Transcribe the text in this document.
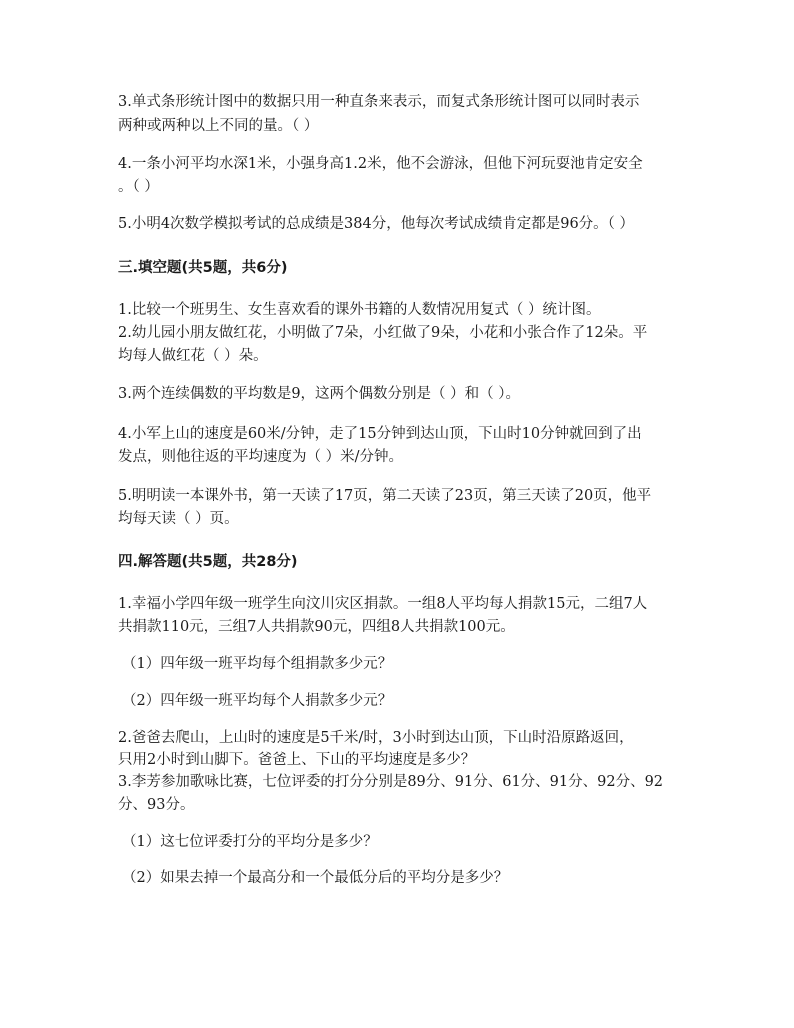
3.单式条形统计图中的数据只用一种直条来表示，而复式条形统计图可以同时表示
两种或两种以上不同的量。（ ）
4.一条小河平均水深1米，小强身高1.2米，他不会游泳，但他下河玩耍池肯定安全
。（ ）
5.小明4次数学模拟考试的总成绩是384分，他每次考试成绩肯定都是96分。（ ）
三.填空题(共5题，共6分)
1.比较一个班男生、女生喜欢看的课外书籍的人数情况用复式（ ）统计图。
2.幼儿园小朋友做红花，小明做了7朵，小红做了9朵，小花和小张合作了12朵。平
均每人做红花（ ）朵。
3.两个连续偶数的平均数是9，这两个偶数分别是（ ）和（ ）。
4.小军上山的速度是60米/分钟，走了15分钟到达山顶，下山时10分钟就回到了出
发点，则他往返的平均速度为（ ）米/分钟。
5.明明读一本课外书，第一天读了17页，第二天读了23页，第三天读了20页，他平
均每天读（ ）页。
四.解答题(共5题，共28分)
1.幸福小学四年级一班学生向汶川灾区捐款。一组8人平均每人捐款15元，二组7人
共捐款110元，三组7人共捐款90元，四组8人共捐款100元。
（1）四年级一班平均每个组捐款多少元？
（2）四年级一班平均每个人捐款多少元？
2.爸爸去爬山，上山时的速度是5千米/时，3小时到达山顶，下山时沿原路返回，
只用2小时到山脚下。爸爸上、下山的平均速度是多少？
3.李芳参加歌咏比赛，七位评委的打分分别是89分、91分、61分、91分、92分、92
分、93分。
（1）这七位评委打分的平均分是多少？
（2）如果去掉一个最高分和一个最低分后的平均分是多少？
